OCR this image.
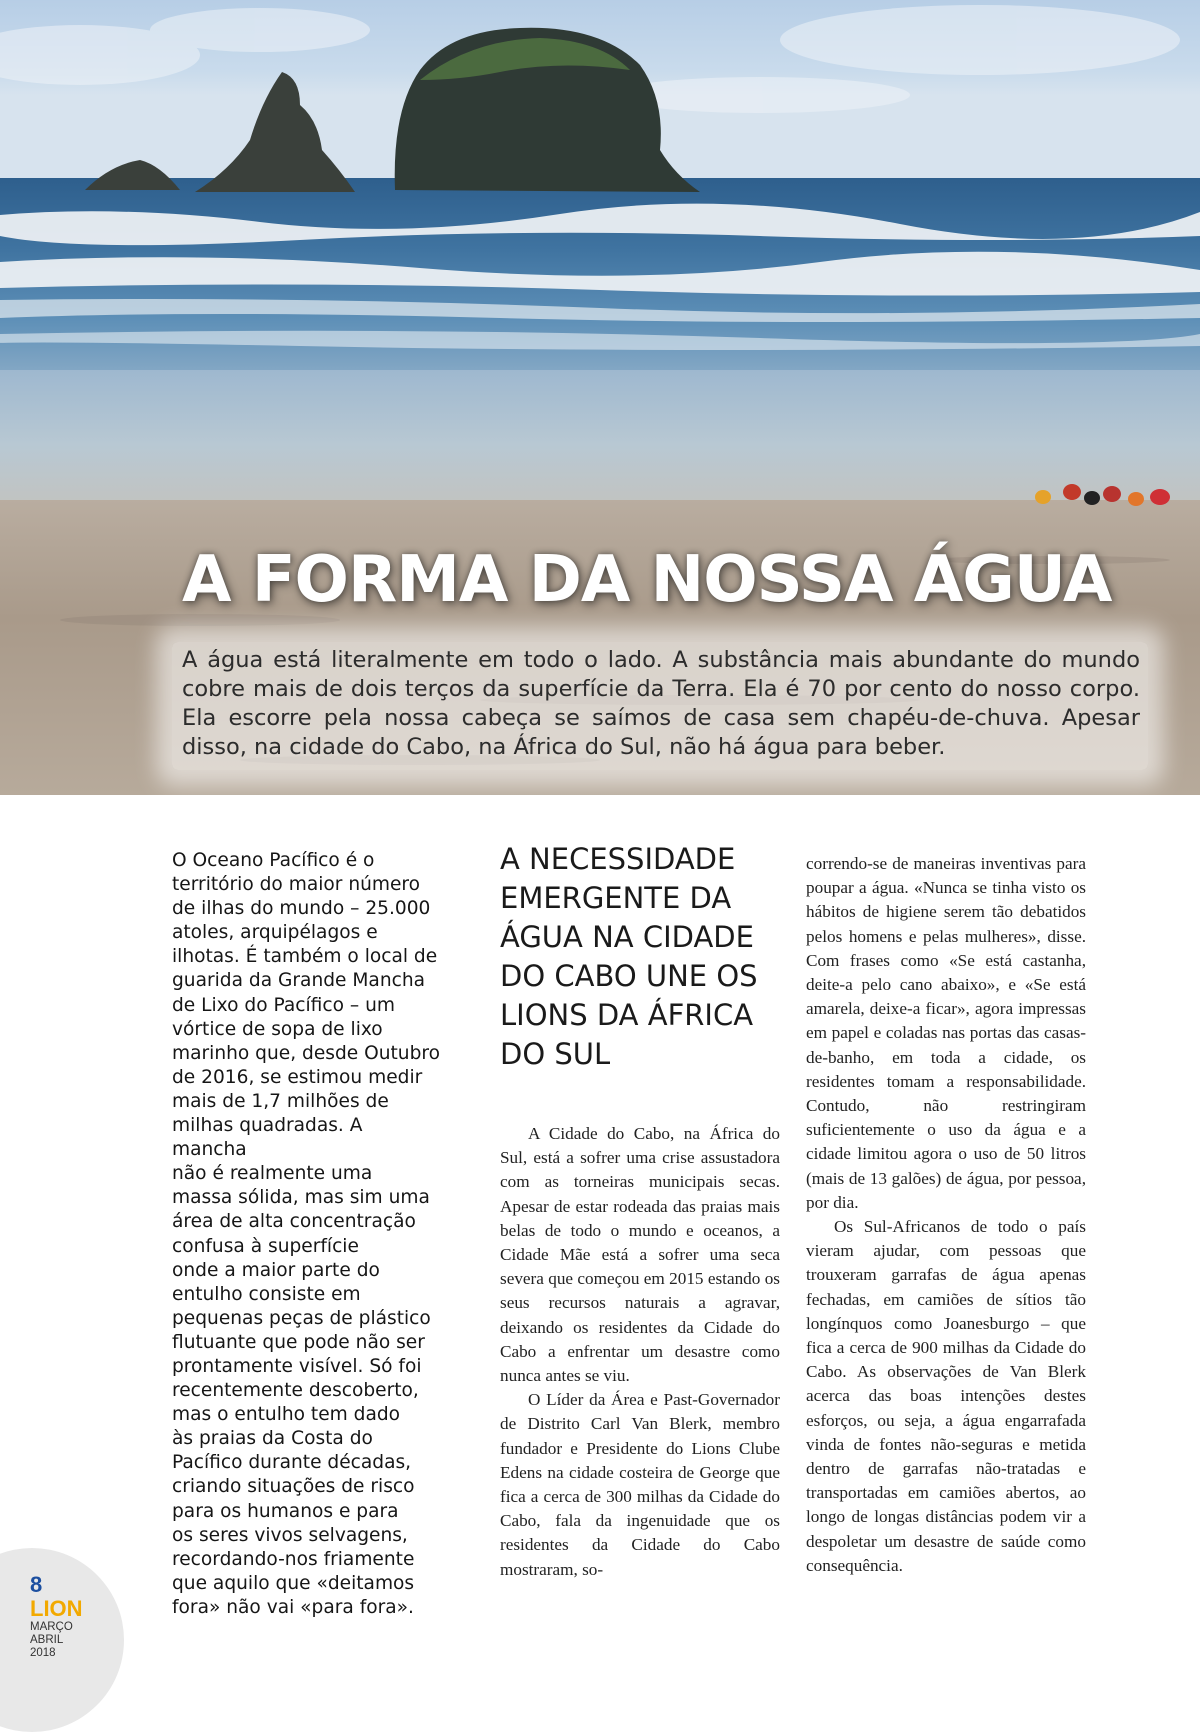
A FORMA DA NOSSA ÁGUA
A água está literalmente em todo o lado. A substância mais abundante do mundo cobre mais de dois terços da superfície da Terra. Ela é 70 por cento do nosso corpo. Ela escorre pela nossa cabeça se saímos de casa sem chapéu-de-chuva. Apesar disso, na cidade do Cabo, na África do Sul, não há água para beber.
O Oceano Pacífico é o
território do maior número
de ilhas do mundo – 25.000
atoles, arquipélagos e
ilhotas. É também o local de
guarida da Grande Mancha
de Lixo do Pacífico – um
vórtice de sopa de lixo
marinho que, desde Outubro
de 2016, se estimou medir
mais de 1,7 milhões de
milhas quadradas. A mancha
não é realmente uma
massa sólida, mas sim uma
área de alta concentração
confusa à superfície
onde a maior parte do
entulho consiste em
pequenas peças de plástico
flutuante que pode não ser
prontamente visível. Só foi
recentemente descoberto,
mas o entulho tem dado
às praias da Costa do
Pacífico durante décadas,
criando situações de risco
para os humanos e para
os seres vivos selvagens,
recordando-nos friamente
que aquilo que «deitamos
fora» não vai «para fora».
A NECESSIDADE
EMERGENTE DA
ÁGUA NA CIDADE
DO CABO UNE OS
LIONS DA ÁFRICA
DO SUL

A Cidade do Cabo, na África do Sul, está a sofrer uma crise assustadora com as torneiras municipais secas. Apesar de estar rodeada das praias mais belas de todo o mundo e oceanos, a Cidade Mãe está a sofrer uma seca severa que começou em 2015 estando os seus recursos naturais a agravar, deixando os residentes da Cidade do Cabo a enfrentar um desastre como nunca antes se viu.

O Líder da Área e Past-Governador de Distrito Carl Van Blerk, membro fundador e Presidente do Lions Clube Edens na cidade costeira de George que fica a cerca de 300 milhas da Cidade do Cabo, fala da ingenuidade que os residentes da Cidade do Cabo mostraram, so-

correndo-se de maneiras inventivas para poupar a água. «Nunca se tinha visto os hábitos de higiene serem tão debatidos pelos homens e pelas mulheres», disse. Com frases como «Se está castanha, deite-a pelo cano abaixo», e «Se está amarela, deixe-a ficar», agora impressas em papel e coladas nas portas das casas-de-banho, em toda a cidade, os residentes tomam a responsabilidade. Contudo, não restringiram suficientemente o uso da água e a cidade limitou agora o uso de 50 litros (mais de 13 galões) de água, por pessoa, por dia.

Os Sul-Africanos de todo o país vieram ajudar, com pessoas que trouxeram garrafas de água apenas fechadas, em camiões de sítios tão longínquos como Joanesburgo – que fica a cerca de 900 milhas da Cidade do Cabo. As observações de Van Blerk acerca das boas intenções destes esforços, ou seja, a água engarrafada vinda de fontes não-seguras e metida dentro de garrafas não-tratadas e transportadas em camiões abertos, ao longo de longas distâncias podem vir a despoletar um desastre de saúde como consequência.

8
LION
MARÇO
ABRIL
2018
